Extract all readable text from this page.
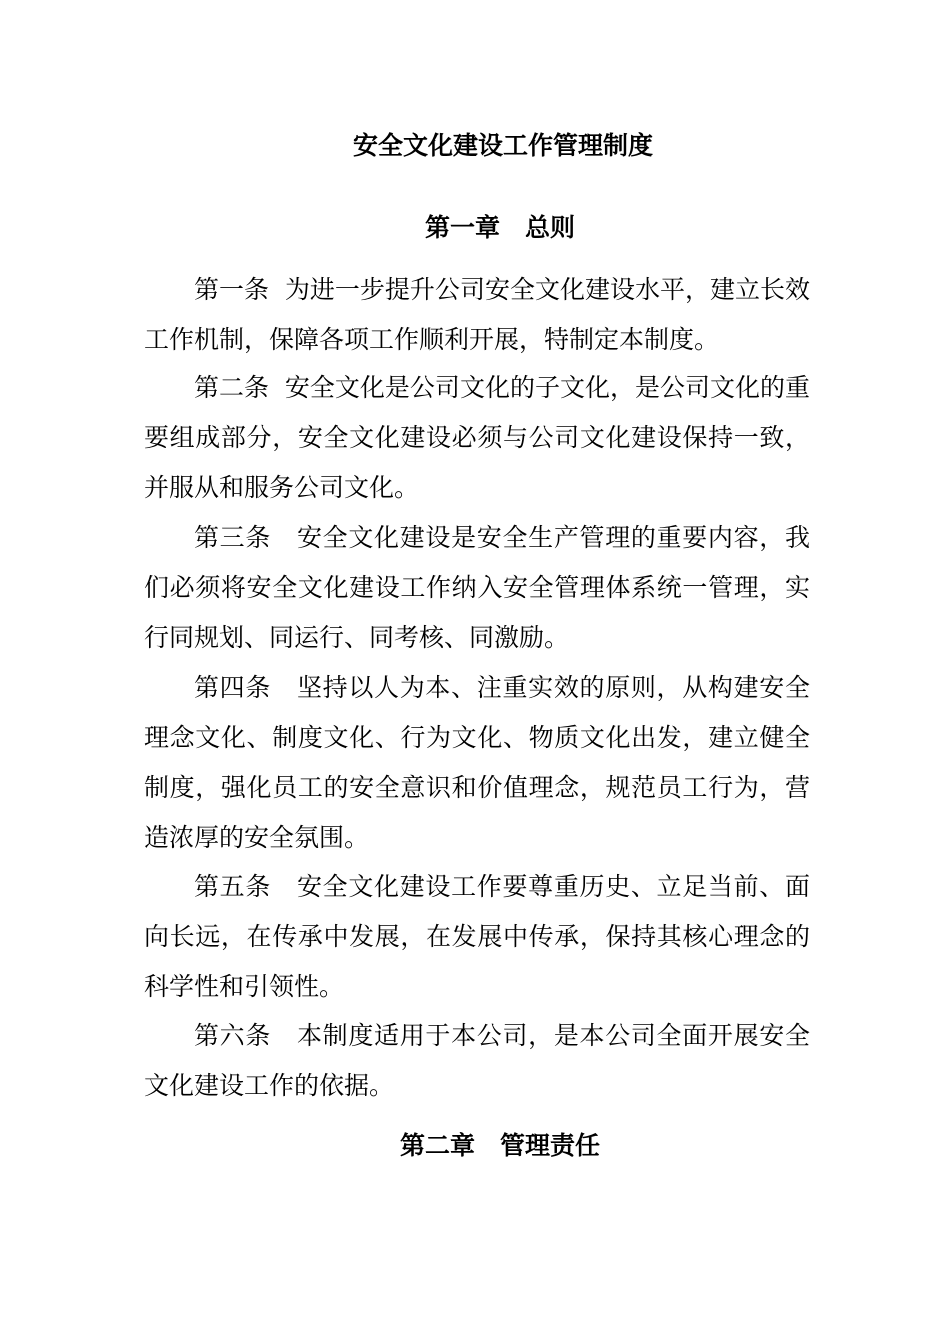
安全文化建设工作管理制度
第一章　总则

第一条 为进一步提升公司安全文化建设水平，建立长效工作机制，保障各项工作顺利开展，特制定本制度。

第二条 安全文化是公司文化的子文化，是公司文化的重要组成部分，安全文化建设必须与公司文化建设保持一致，并服从和服务公司文化。

第三条 安全文化建设是安全生产管理的重要内容，我们必须将安全文化建设工作纳入安全管理体系统一管理，实行同规划、同运行、同考核、同激励。

第四条 坚持以人为本、注重实效的原则，从构建安全理念文化、制度文化、行为文化、物质文化出发，建立健全制度，强化员工的安全意识和价值理念，规范员工行为，营造浓厚的安全氛围。

第五条 安全文化建设工作要尊重历史、立足当前、面向长远，在传承中发展，在发展中传承，保持其核心理念的科学性和引领性。

第六条 本制度适用于本公司，是本公司全面开展安全文化建设工作的依据。

第二章　管理责任
